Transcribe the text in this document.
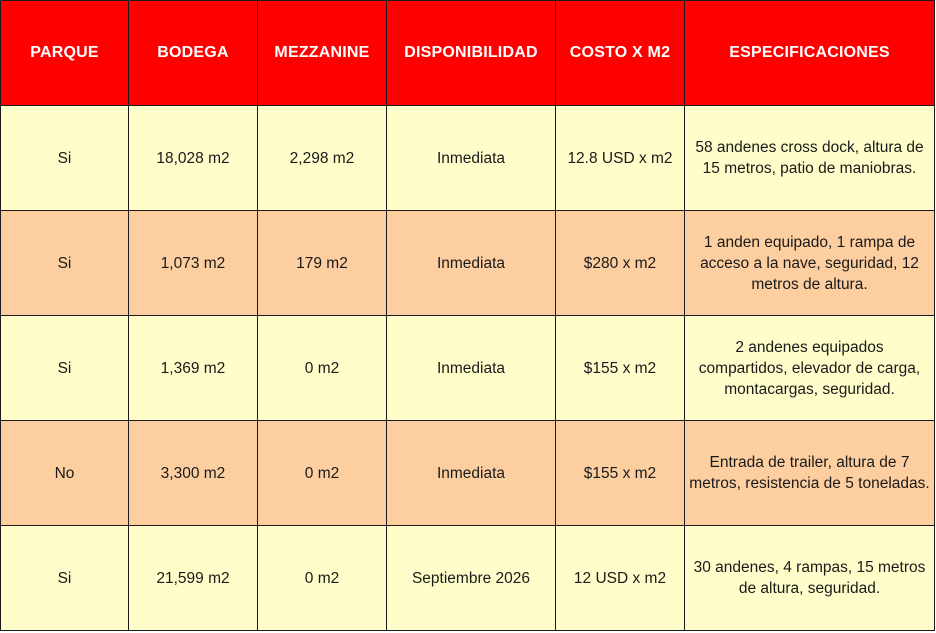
PARQUE	BODEGA	MEZZANINE	DISPONIBILIDAD	COSTO X M2	ESPECIFICACIONES
Si	18,028 m2	2,298 m2	Inmediata	12.8 USD x m2	58 andenes cross dock, altura de 15 metros, patio de maniobras.
Si	1,073 m2	179 m2	Inmediata	$280 x m2	1 anden equipado, 1 rampa de acceso a la nave, seguridad, 12 metros de altura.
Si	1,369 m2	0 m2	Inmediata	$155 x m2	2 andenes equipados compartidos, elevador de carga, montacargas, seguridad.
No	3,300 m2	0 m2	Inmediata	$155 x m2	Entrada de trailer, altura de 7 metros, resistencia de 5 toneladas.
Si	21,599 m2	0 m2	Septiembre 2026	12 USD x m2	30 andenes, 4 rampas, 15 metros de altura, seguridad.
